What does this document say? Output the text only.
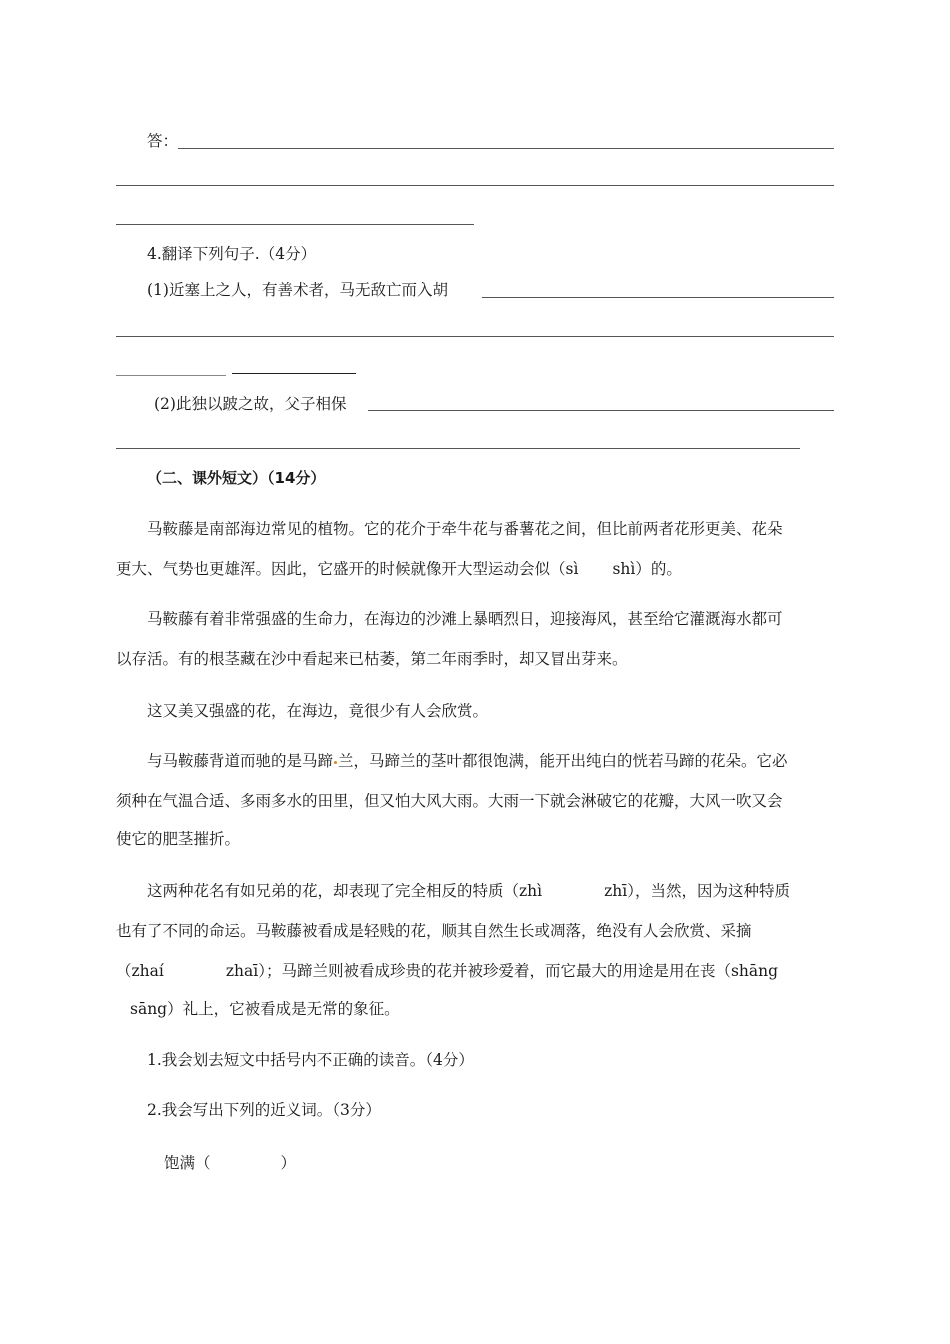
答：
4.翻译下列句子.（4分）
(1)近塞上之人，有善术者，马无敌亡而入胡
(2)此独以跛之故，父子相保
（二、课外短文）（14分）
马鞍藤是南部海边常见的植物。它的花介于牵牛花与番薯花之间，但比前两者花形更美、花朵
更大、气势也更雄浑。因此，它盛开的时候就像开大型运动会似（sì shì）的。
马鞍藤有着非常强盛的生命力，在海边的沙滩上暴晒烈日，迎接海风，甚至给它灌溉海水都可
以存活。有的根茎藏在沙中看起来已枯萎，第二年雨季时，却又冒出芽来。
这又美又强盛的花，在海边，竟很少有人会欣赏。
与马鞍藤背道而驰的是马蹄 兰，马蹄兰的茎叶都很饱满，能开出纯白的恍若马蹄的花朵。它必
须种在气温合适、多雨多水的田里，但又怕大风大雨。大雨一下就会淋破它的花瓣，大风一吹又会
使它的肥茎摧折。
这两种花名有如兄弟的花，却表现了完全相反的特质（zhì	zhī），当然，因为这种特质
也有了不同的命运。马鞍藤被看成是轻贱的花，顺其自然生长或凋落，绝没有人会欣赏、采摘
（zhaí	zhaī）；马蹄兰则被看成珍贵的花并被珍爱着，而它最大的用途是用在丧（shāng
sāng）礼上，它被看成是无常的象征。
1.我会划去短文中括号内不正确的读音。（4分）
2.我会写出下列的近义词。（3分）
饱满（	）
